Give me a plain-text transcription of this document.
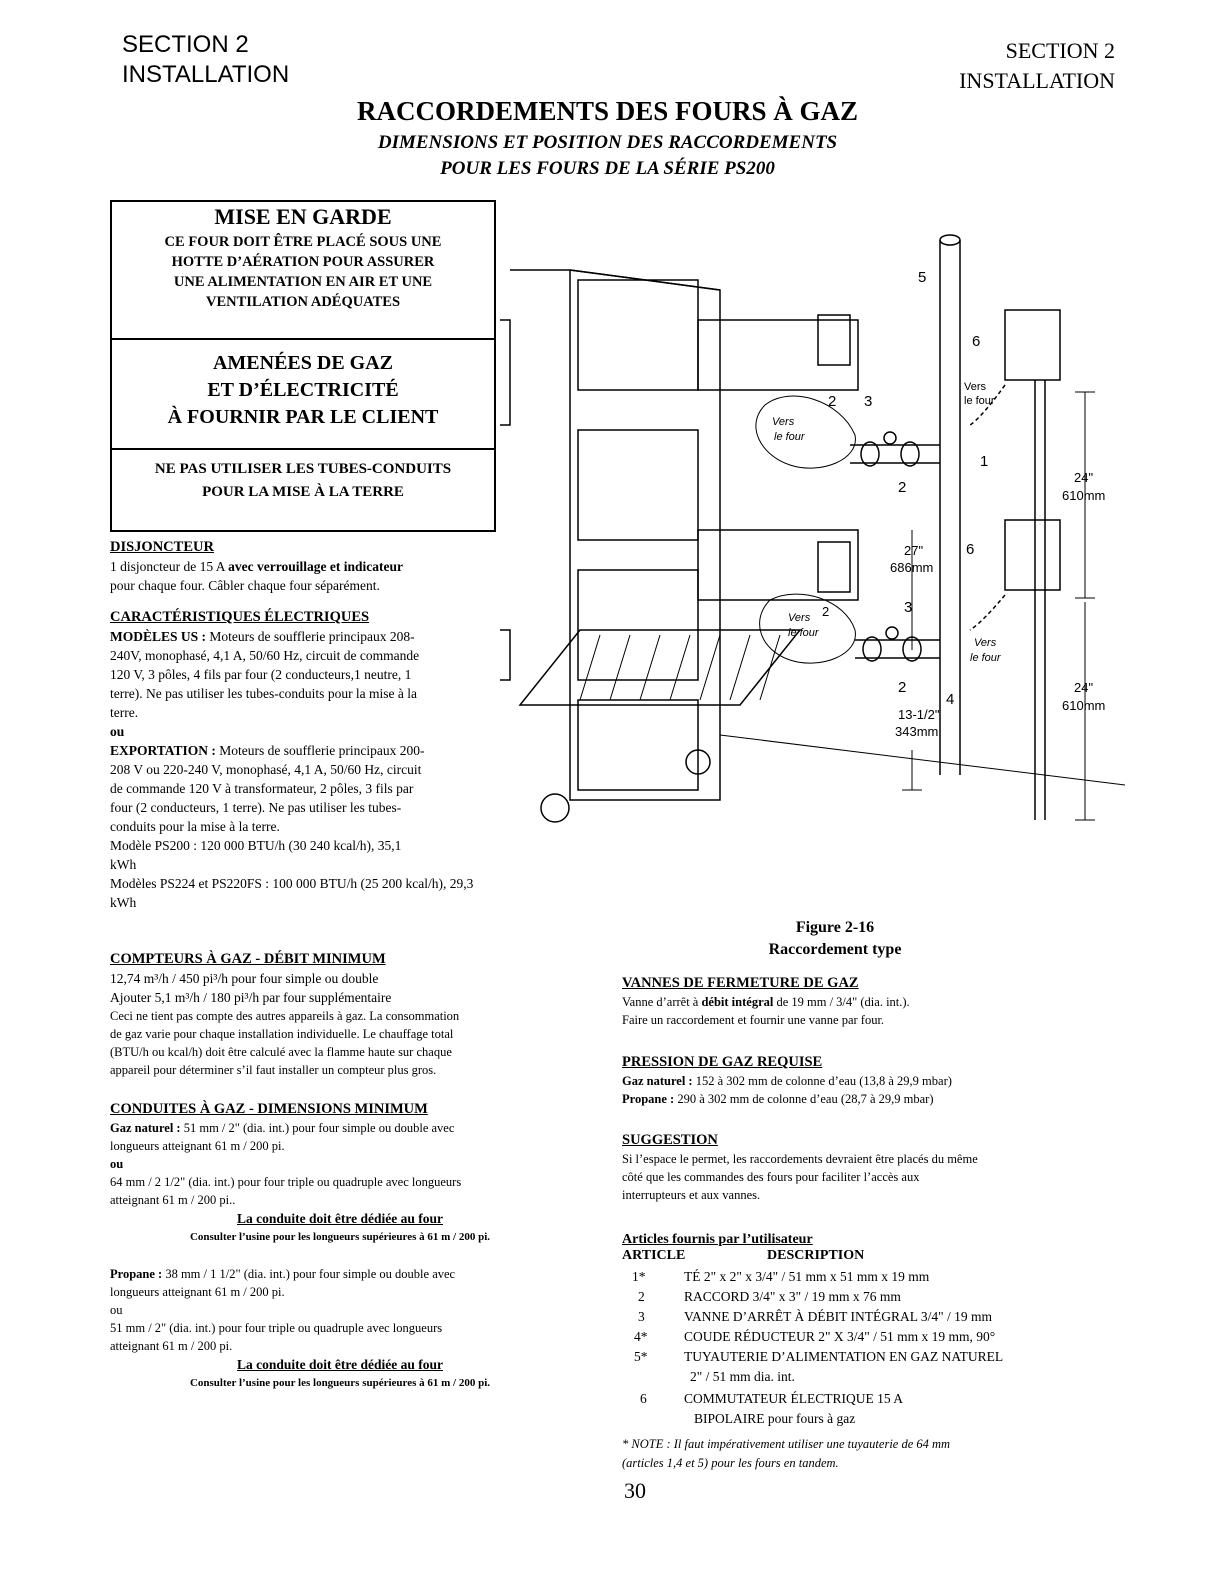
SECTION 2
INSTALLATION
SECTION 2
INSTALLATION
RACCORDEMENTS DES FOURS À GAZ
DIMENSIONS ET POSITION DES RACCORDEMENTS
POUR LES FOURS DE LA SÉRIE PS200
MISE EN GARDE
CE FOUR DOIT ÊTRE PLACÉ SOUS UNE
HOTTE D’AÉRATION POUR ASSURER
UNE ALIMENTATION EN AIR ET UNE
VENTILATION ADÉQUATES
AMENÉES DE GAZ
ET D’ÉLECTRICITÉ
À FOURNIR PAR LE CLIENT
NE PAS UTILISER LES TUBES-CONDUITS
POUR LA MISE À LA TERRE
DISJONCTEUR
1 disjoncteur de 15 A avec verrouillage et indicateur
pour chaque four. Câbler chaque four séparément.
CARACTÉRISTIQUES ÉLECTRIQUES
MODÈLES US : Moteurs de soufflerie principaux 208-
240V, monophasé, 4,1 A, 50/60 Hz, circuit de commande
120 V, 3 pôles, 4 fils par four (2 conducteurs,1 neutre, 1
terre). Ne pas utiliser les tubes-conduits pour la mise à la
terre.
ou
EXPORTATION : Moteurs de soufflerie principaux 200-
208 V ou 220-240 V, monophasé, 4,1 A, 50/60 Hz, circuit
de commande 120 V à transformateur, 2 pôles, 3 fils par
four (2 conducteurs, 1 terre). Ne pas utiliser les tubes-
conduits pour la mise à la terre.
Modèle PS200 : 120 000 BTU/h (30 240 kcal/h), 35,1
kWh
Modèles PS224 et PS220FS : 100 000 BTU/h (25 200 kcal/h), 29,3
kWh
COMPTEURS À GAZ - DÉBIT MINIMUM
12,74 m³/h / 450 pi³/h pour four simple ou double
Ajouter 5,1 m³/h / 180 pi³/h par four supplémentaire
Ceci ne tient pas compte des autres appareils à gaz. La consommation
de gaz varie pour chaque installation individuelle. Le chauffage total
(BTU/h ou kcal/h) doit être calculé avec la flamme haute sur chaque
appareil pour déterminer s’il faut installer un compteur plus gros.
CONDUITES À GAZ - DIMENSIONS MINIMUM
Gaz naturel : 51 mm / 2" (dia. int.) pour four simple ou double avec
longueurs atteignant 61 m / 200 pi.
ou
64 mm / 2 1/2" (dia. int.) pour four triple ou quadruple avec longueurs
atteignant 61 m / 200 pi..
La conduite doit être dédiée au four
Consulter l’usine pour les longueurs supérieures à 61 m / 200 pi.
Propane : 38 mm / 1 1/2" (dia. int.) pour four simple ou double avec
longueurs atteignant 61 m / 200 pi.
ou
51 mm / 2" (dia. int.) pour four triple ou quadruple avec longueurs
atteignant 61 m / 200 pi.
La conduite doit être dédiée au four
Consulter l’usine pour les longueurs supérieures à 61 m / 200 pi.
5
6
6
1
2 3
2
2	3
2
4
Vers
le four
Vers
le four
Vers
le four
Vers
le four
27"
686mm
24"
610mm
24"
610mm
13-1/2"
343mm
Figure 2-16
Raccordement type
VANNES DE FERMETURE DE GAZ
Vanne d’arrêt à débit intégral de 19 mm / 3/4" (dia. int.).
Faire un raccordement et fournir une vanne par four.
PRESSION DE GAZ REQUISE
Gaz naturel : 152 à 302 mm de colonne d’eau (13,8 à 29,9 mbar)
Propane : 290 à 302 mm de colonne d’eau (28,7 à 29,9 mbar)
SUGGESTION
Si l’espace le permet, les raccordements devraient être placés du même
côté que les commandes des fours pour faciliter l’accès aux
interrupteurs et aux vannes.
Articles fournis par l’utilisateur
ARTICLE	DESCRIPTION
1*	TÉ 2" x 2" x 3/4" / 51 mm x 51 mm x 19 mm
2	RACCORD 3/4" x 3" / 19 mm x 76 mm
3	VANNE D’ARRÊT À DÉBIT INTÉGRAL 3/4" / 19 mm
4*	COUDE RÉDUCTEUR 2" X 3/4" / 51 mm x 19 mm, 90°
5*	TUYAUTERIE D’ALIMENTATION EN GAZ NATUREL
2" / 51 mm dia. int.
6	COMMUTATEUR ÉLECTRIQUE 15 A
BIPOLAIRE pour fours à gaz
* NOTE : Il faut impérativement utiliser une tuyauterie de 64 mm
(articles 1,4 et 5) pour les fours en tandem.
30
